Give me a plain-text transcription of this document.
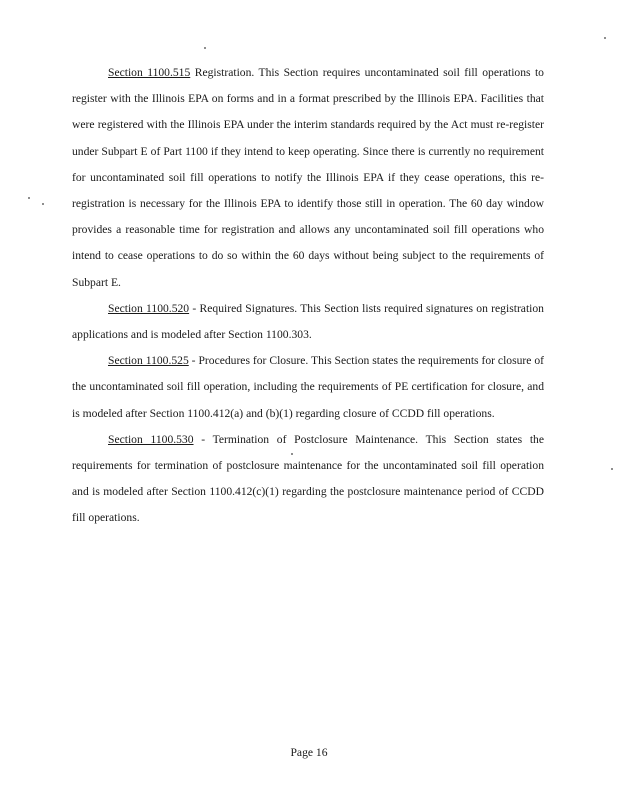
Section 1100.515 Registration. This Section requires uncontaminated soil fill operations to register with the Illinois EPA on forms and in a format prescribed by the Illinois EPA. Facilities that were registered with the Illinois EPA under the interim standards required by the Act must re-register under Subpart E of Part 1100 if they intend to keep operating. Since there is currently no requirement for uncontaminated soil fill operations to notify the Illinois EPA if they cease operations, this re-registration is necessary for the Illinois EPA to identify those still in operation. The 60 day window provides a reasonable time for registration and allows any uncontaminated soil fill operations who intend to cease operations to do so within the 60 days without being subject to the requirements of Subpart E.

Section 1100.520 - Required Signatures. This Section lists required signatures on registration applications and is modeled after Section 1100.303.

Section 1100.525 - Procedures for Closure. This Section states the requirements for closure of the uncontaminated soil fill operation, including the requirements of PE certification for closure, and is modeled after Section 1100.412(a) and (b)(1) regarding closure of CCDD fill operations.

Section 1100.530 - Termination of Postclosure Maintenance. This Section states the requirements for termination of postclosure maintenance for the uncontaminated soil fill operation and is modeled after Section 1100.412(c)(1) regarding the postclosure maintenance period of CCDD fill operations.

Page 16
